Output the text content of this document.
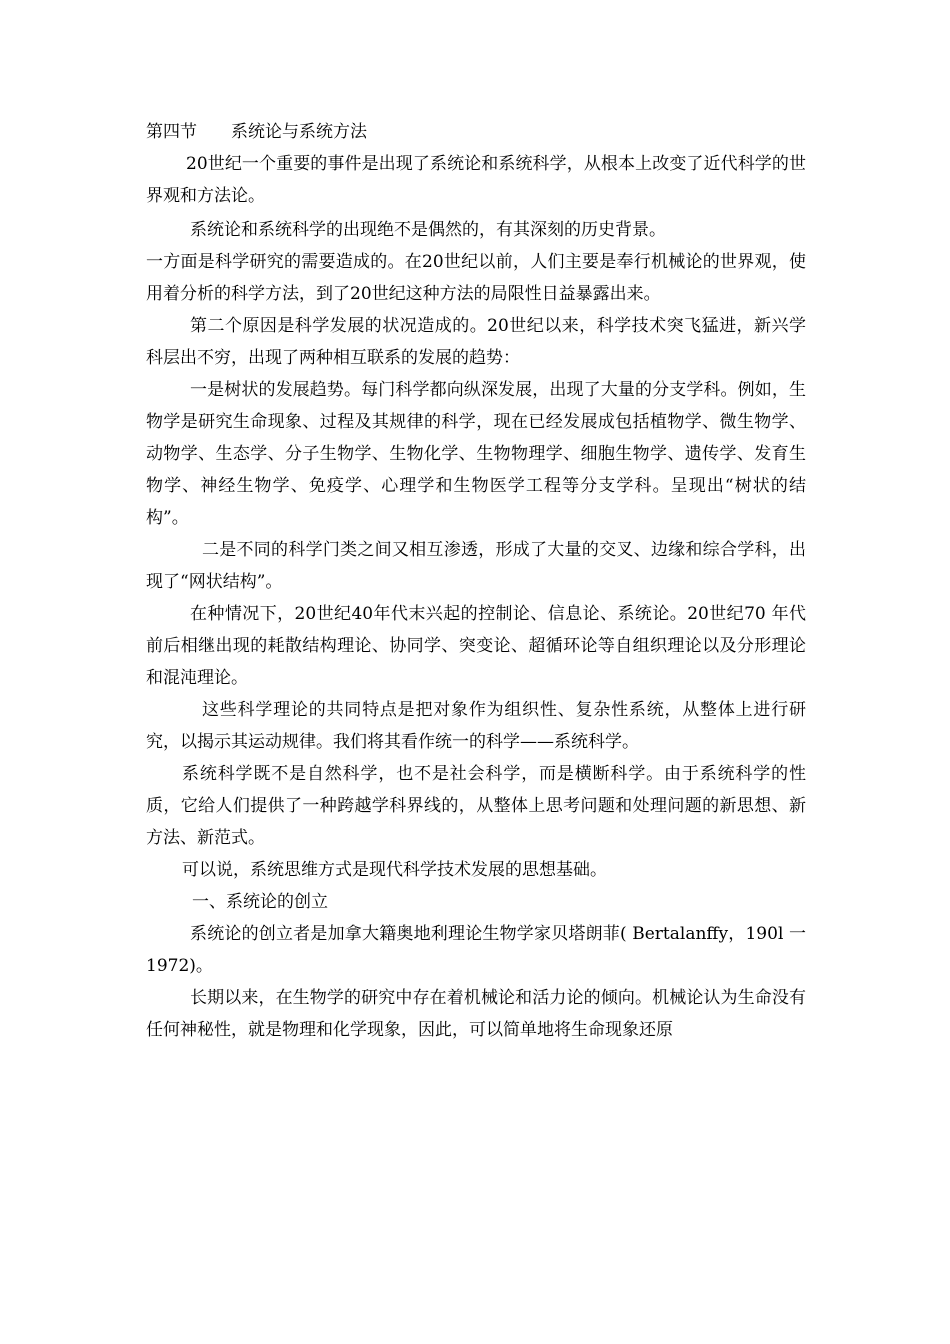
第四节　　系统论与系统方法

20世纪一个重要的事件是出现了系统论和系统科学，从根本上改变了近代科学的世界观和方法论。

系统论和系统科学的出现绝不是偶然的，有其深刻的历史背景。

一方面是科学研究的需要造成的。在20世纪以前，人们主要是奉行机械论的世界观，使用着分析的科学方法，到了20世纪这种方法的局限性日益暴露出来。

第二个原因是科学发展的状况造成的。20世纪以来，科学技术突飞猛进，新兴学科层出不穷，出现了两种相互联系的发展的趋势：

一是树状的发展趋势。每门科学都向纵深发展，出现了大量的分支学科。例如，生物学是研究生命现象、过程及其规律的科学，现在已经发展成包括植物学、微生物学、动物学、生态学、分子生物学、生物化学、生物物理学、细胞生物学、遗传学、发育生物学、神经生物学、免疫学、心理学和生物医学工程等分支学科。呈现出“树状的结构”。

二是不同的科学门类之间又相互渗透，形成了大量的交叉、边缘和综合学科，出现了“网状结构”。

在种情况下，20世纪40年代末兴起的控制论、信息论、系统论。20世纪70 年代前后相继出现的耗散结构理论、协同学、突变论、超循环论等自组织理论以及分形理论和混沌理论。

这些科学理论的共同特点是把对象作为组织性、复杂性系统，从整体上进行研究，以揭示其运动规律。我们将其看作统一的科学——系统科学。

系统科学既不是自然科学，也不是社会科学，而是横断科学。由于系统科学的性质，它给人们提供了一种跨越学科界线的，从整体上思考问题和处理问题的新思想、新方法、新范式。

可以说，系统思维方式是现代科学技术发展的思想基础。

一、系统论的创立

系统论的创立者是加拿大籍奥地利理论生物学家贝塔朗菲( Bertalanffy，190l 一 1972)。

长期以来，在生物学的研究中存在着机械论和活力论的倾向。机械论认为生命没有任何神秘性，就是物理和化学现象，因此，可以简单地将生命现象还原
